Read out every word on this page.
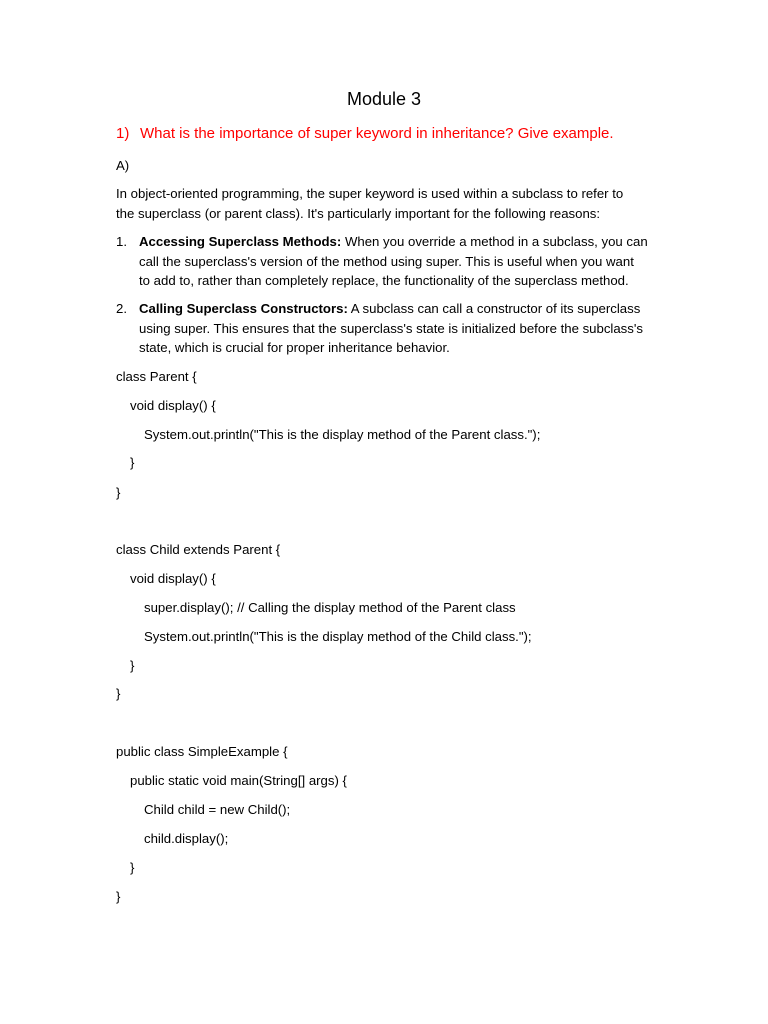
Module 3
1) What is the importance of super keyword in inheritance? Give example.
A)
In object-oriented programming, the super keyword is used within a subclass to refer to
the superclass (or parent class). It's particularly important for the following reasons:
1. Accessing Superclass Methods: When you override a method in a subclass, you can
call the superclass's version of the method using super. This is useful when you want
to add to, rather than completely replace, the functionality of the superclass method.
2. Calling Superclass Constructors: A subclass can call a constructor of its superclass
using super. This ensures that the superclass's state is initialized before the subclass's
state, which is crucial for proper inheritance behavior.
class Parent {
void display() {
System.out.println("This is the display method of the Parent class.");
}
}
class Child extends Parent {
void display() {
super.display(); // Calling the display method of the Parent class
System.out.println("This is the display method of the Child class.");
}
}
public class SimpleExample {
public static void main(String[] args) {
Child child = new Child();
child.display();
}
}
